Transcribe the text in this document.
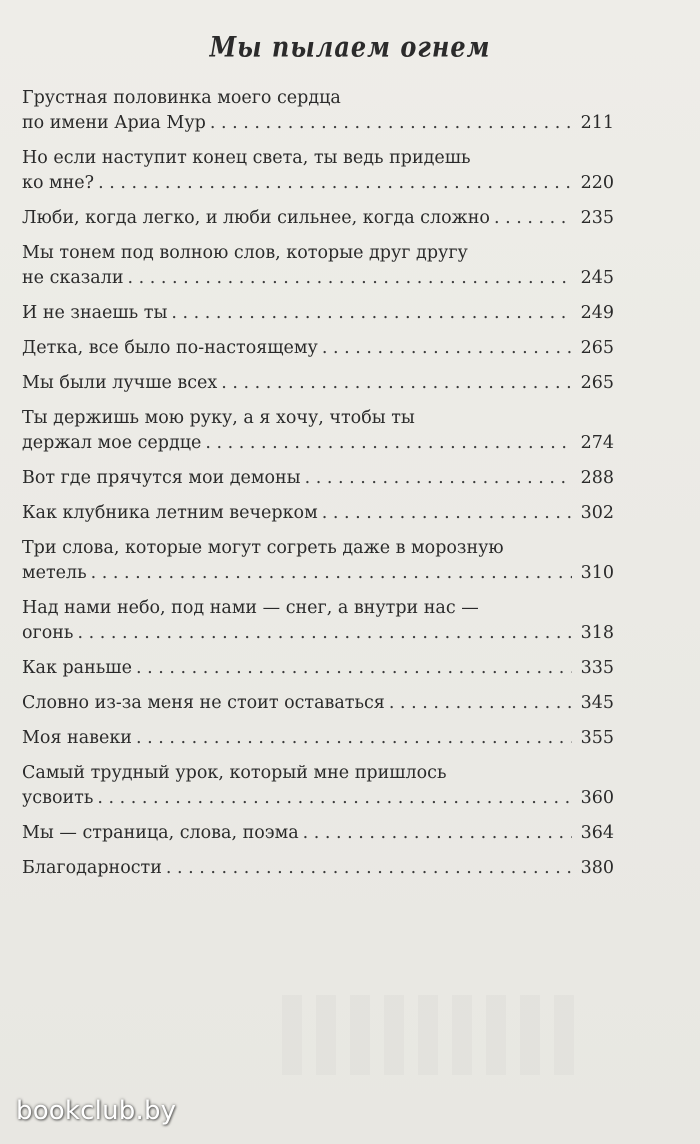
Мы пылаем огнем
Грустная половинка моего сердца
по имени Ариа Мур . . .	211
Но если наступит конец света, ты ведь придешь
ко мне? . . .	220
Люби, когда легко, и люби сильнее, когда сложно . . .	235
Мы тонем под волною слов, которые друг другу
не сказали . . .	245
И не знаешь ты . . .	249
Детка, все было по-настоящему . . .	265
Мы были лучше всех . . .	265
Ты держишь мою руку, а я хочу, чтобы ты
держал мое сердце . . .	274
Вот где прячутся мои демоны . . .	288
Как клубника летним вечерком . . .	302
Три слова, которые могут согреть даже в морозную
метель . . .	310
Над нами небо, под нами — снег, а внутри нас —
огонь . . .	318
Как раньше . . .	335
Словно из-за меня не стоит оставаться . . .	345
Моя навеки . . .	355
Самый трудный урок, который мне пришлось
усвоить . . .	360
Мы — страница, слова, поэма . . .	364
Благодарности . . .	380
bookclub.by
